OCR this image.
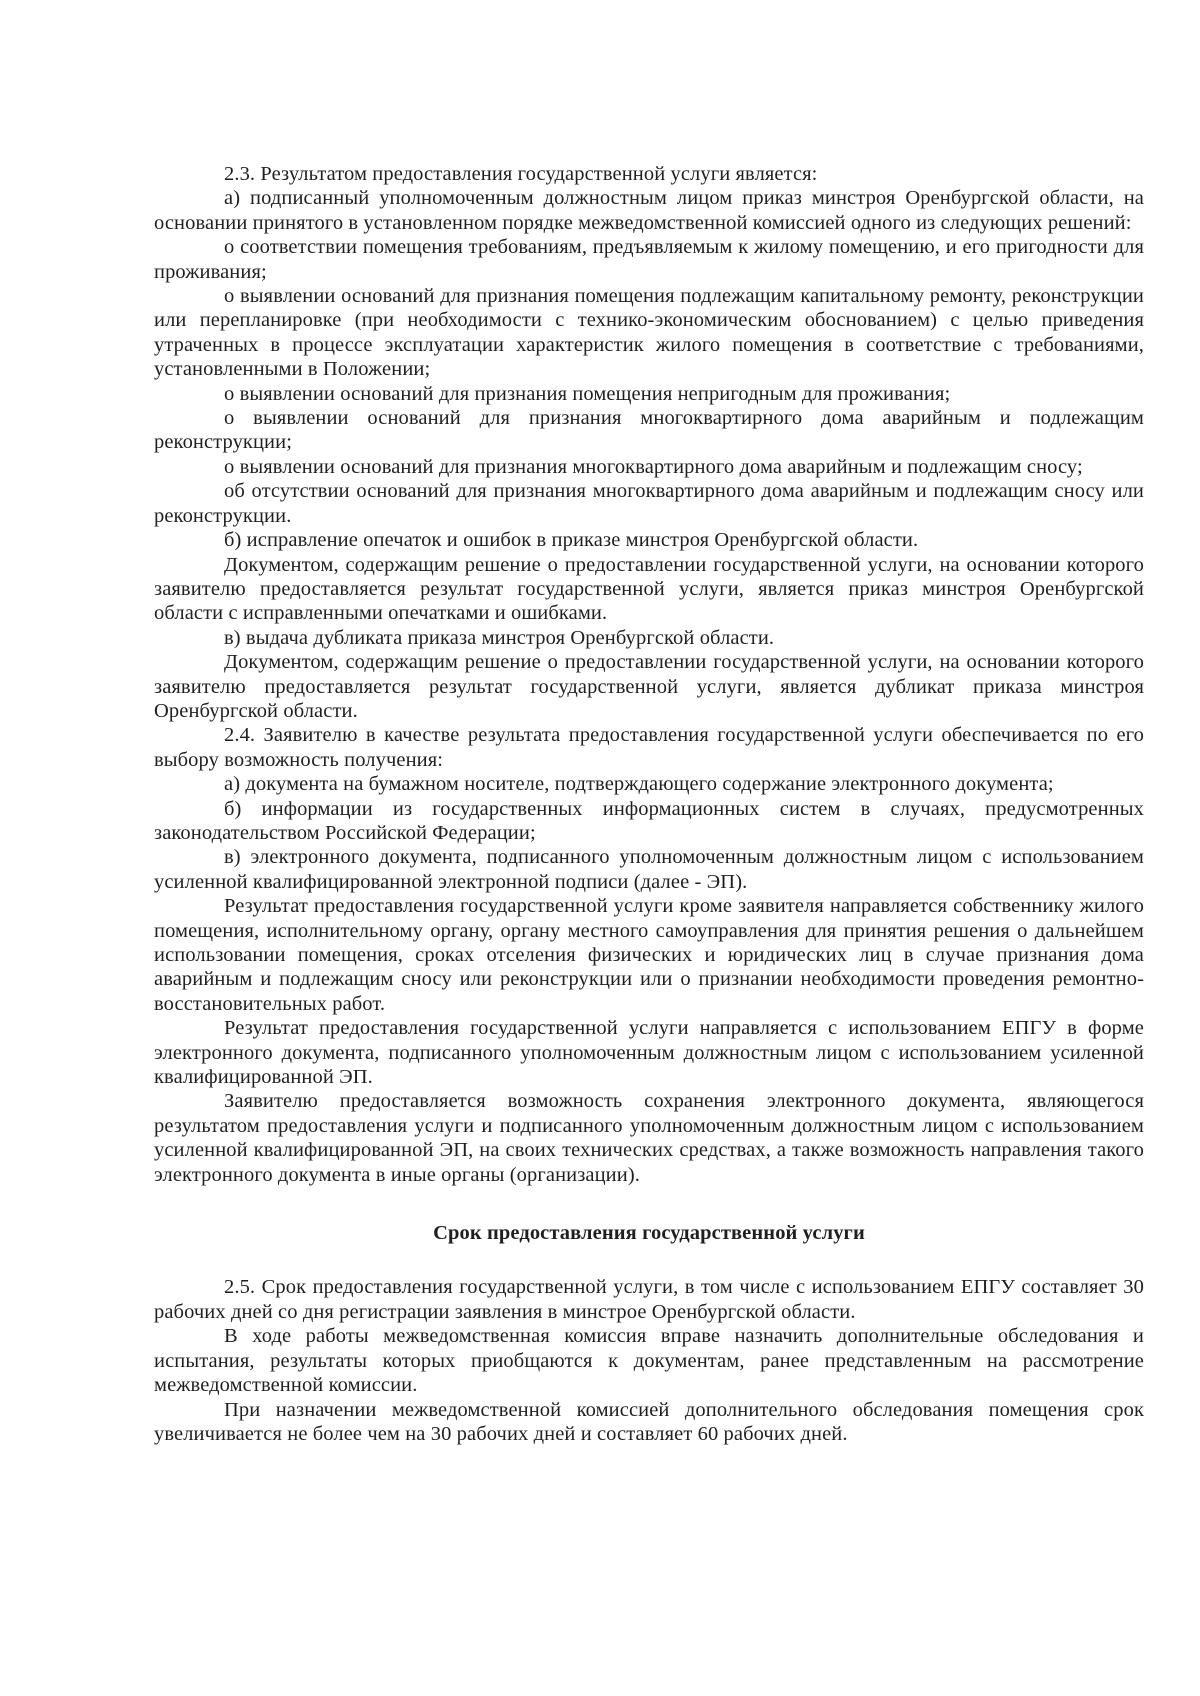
2.3. Результатом предоставления государственной услуги является:

а) подписанный уполномоченным должностным лицом приказ минстроя Оренбургской области, на основании принятого в установленном порядке межведомственной комиссией одного из следующих решений:

о соответствии помещения требованиям, предъявляемым к жилому помещению, и его пригодности для проживания;

о выявлении оснований для признания помещения подлежащим капитальному ремонту, реконструкции или перепланировке (при необходимости с технико-экономическим обоснованием) с целью приведения утраченных в процессе эксплуатации характеристик жилого помещения в соответствие с требованиями, установленными в Положении;

о выявлении оснований для признания помещения непригодным для проживания;

о выявлении оснований для признания многоквартирного дома аварийным и подлежащим реконструкции;

о выявлении оснований для признания многоквартирного дома аварийным и подлежащим сносу;

об отсутствии оснований для признания многоквартирного дома аварийным и подлежащим сносу или реконструкции.

б) исправление опечаток и ошибок в приказе минстроя Оренбургской области.

Документом, содержащим решение о предоставлении государственной услуги, на основании которого заявителю предоставляется результат государственной услуги, является приказ минстроя Оренбургской области с исправленными опечатками и ошибками.

в) выдача дубликата приказа минстроя Оренбургской области.

Документом, содержащим решение о предоставлении государственной услуги, на основании которого заявителю предоставляется результат государственной услуги, является дубликат приказа минстроя Оренбургской области.

2.4. Заявителю в качестве результата предоставления государственной услуги обеспечивается по его выбору возможность получения:

а) документа на бумажном носителе, подтверждающего содержание электронного документа;

б) информации из государственных информационных систем в случаях, предусмотренных законодательством Российской Федерации;

в) электронного документа, подписанного уполномоченным должностным лицом с использованием усиленной квалифицированной электронной подписи (далее - ЭП).

Результат предоставления государственной услуги кроме заявителя направляется собственнику жилого помещения, исполнительному органу, органу местного самоуправления для принятия решения о дальнейшем использовании помещения, сроках отселения физических и юридических лиц в случае признания дома аварийным и подлежащим сносу или реконструкции или о признании необходимости проведения ремонтно-восстановительных работ.

Результат предоставления государственной услуги направляется с использованием ЕПГУ в форме электронного документа, подписанного уполномоченным должностным лицом с использованием усиленной квалифицированной ЭП.

Заявителю предоставляется возможность сохранения электронного документа, являющегося результатом предоставления услуги и подписанного уполномоченным должностным лицом с использованием усиленной квалифицированной ЭП, на своих технических средствах, а также возможность направления такого электронного документа в иные органы (организации).

Срок предоставления государственной услуги

2.5. Срок предоставления государственной услуги, в том числе с использованием ЕПГУ составляет 30 рабочих дней со дня регистрации заявления в минстрое Оренбургской области.

В ходе работы межведомственная комиссия вправе назначить дополнительные обследования и испытания, результаты которых приобщаются к документам, ранее представленным на рассмотрение межведомственной комиссии.

При назначении межведомственной комиссией дополнительного обследования помещения срок увеличивается не более чем на 30 рабочих дней и составляет 60 рабочих дней.
